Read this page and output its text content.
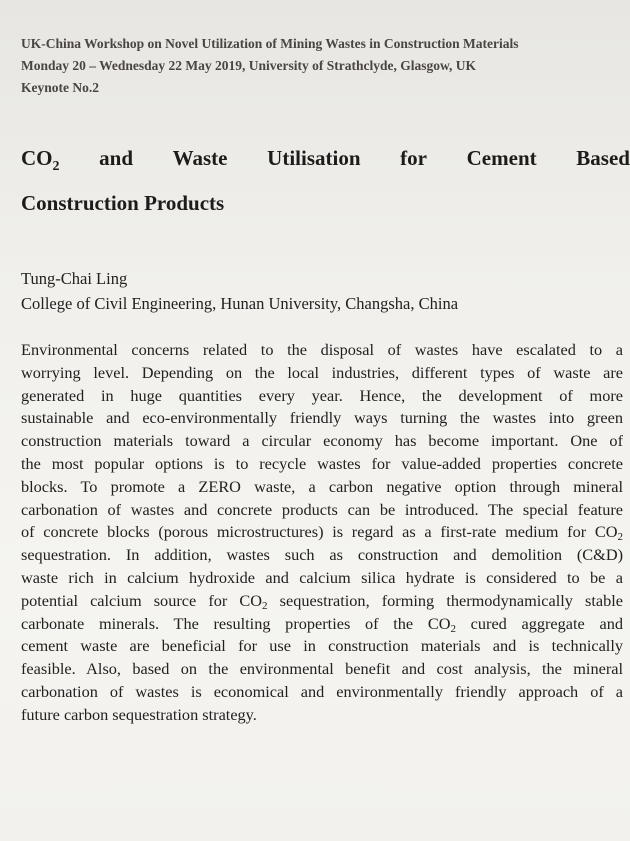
UK-China Workshop on Novel Utilization of Mining Wastes in Construction Materials
Monday 20 – Wednesday 22 May 2019, University of Strathclyde, Glasgow, UK
Keynote No.2
$CO_2$ and Waste Utilisation for Cement Based
Construction Products
Tung-Chai Ling
College of Civil Engineering, Hunan University, Changsha, China
Environmental concerns related to the disposal of wastes have escalated to a
worrying level. Depending on the local industries, different types of waste are
generated in huge quantities every year. Hence, the development of more
sustainable and eco-environmentally friendly ways turning the wastes into green
construction materials toward a circular economy has become important. One of
the most popular options is to recycle wastes for value-added properties concrete
blocks. To promote a ZERO waste, a carbon negative option through mineral
carbonation of wastes and concrete products can be introduced. The special feature
of concrete blocks (porous microstructures) is regard as a first-rate medium for $CO_2$
sequestration. In addition, wastes such as construction and demolition (C&D)
waste rich in calcium hydroxide and calcium silica hydrate is considered to be a
potential calcium source for $CO_2$ sequestration, forming thermodynamically stable
carbonate minerals. The resulting properties of the $CO_2$ cured aggregate and
cement waste are beneficial for use in construction materials and is technically
feasible. Also, based on the environmental benefit and cost analysis, the mineral
carbonation of wastes is economical and environmentally friendly approach of a
future carbon sequestration strategy.
